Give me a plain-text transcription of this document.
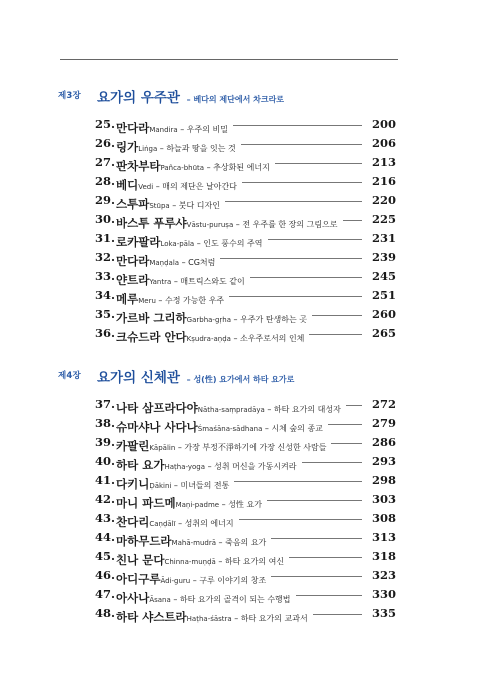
제3장 요가의 우주관 – 베다의 제단에서 차크라로
25. 만다라Mandira – 우주의 비밀	200
26. 링가Liṅga – 하늘과 땅을 잇는 것	206
27. 판차부타Pañca-bhūta – 추상화된 에너지	213
28. 베디Vedi – 매의 제단은 날아간다	216
29. 스투파Stūpa – 붓다 디자인	220
30. 바스투 푸루샤Vāstu-puruṣa – 전 우주를 한 장의 그림으로	225
31. 로카팔라Loka-pāla – 인도 풍수의 주역	231
32. 만다라Maṇḍala – CG처럼	239
33. 얀트라Yantra – 매트릭스와도 같이	245
34. 메루Meru – 수정 가능한 우주	251
35. 가르바 그리하Garbha-gṛha – 우주가 탄생하는 곳	260
36. 크슈드라 안다Kṣudra-aṇḍa – 소우주로서의 인체	265
제4장 요가의 신체관 – 성(性) 요가에서 하타 요가로
37. 나타 삼프라다야Nātha-saṃpradāya – 하타 요가의 대성자	272
38. 슈마샤나 사다나Śmaśāna-sādhana – 시체 숲의 종교	279
39. 카팔린Kāpālin – 가장 부정不淨하기에 가장 신성한 사람들	286
40. 하타 요가Haṭha-yoga – 성취 머신을 가동시켜라	293
41. 다키니Ḍākini – 미녀들의 전통	298
42. 마니 파드메Maṇi-padme – 성性 요가	303
43. 찬다리Caṇḍālī – 성취의 에너지	308
44. 마하무드라Mahā-mudrā – 죽음의 요가	313
45. 친나 문다Chinna-muṇḍā – 하타 요가의 여신	318
46. 아디구루Ādi-guru – 구루 이야기의 창조	323
47. 아사나Āsana – 하타 요가의 골격이 되는 수행법	330
48. 하타 샤스트라Haṭha-śāstra – 하타 요가의 교과서	335
